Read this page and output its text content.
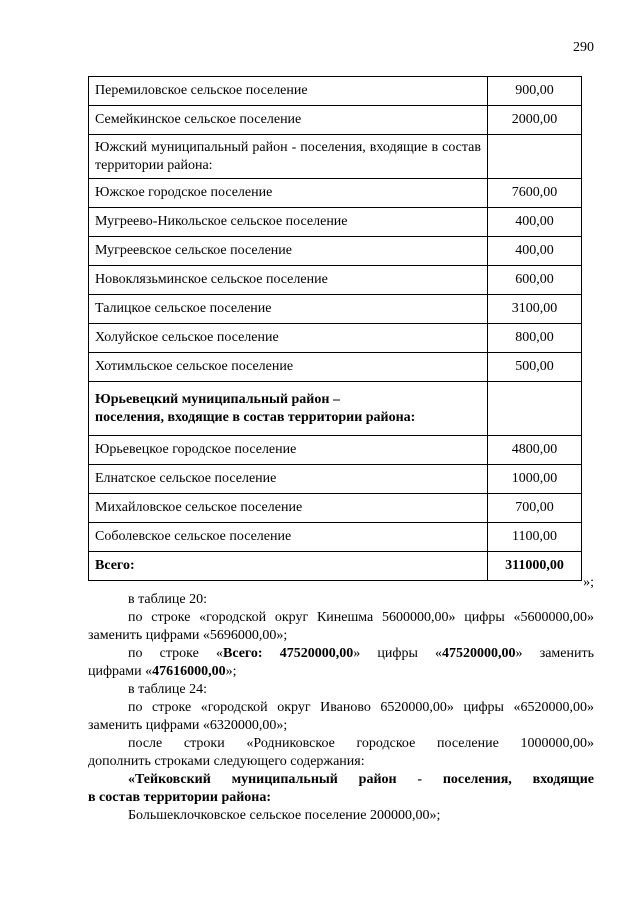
290
Перемиловское сельское поселение	900,00
Семейкинское сельское поселение	2000,00
Южский муниципальный район - поселения, входящие в состав территории района:	
Южское городское поселение	7600,00
Мугреево-Никольское сельское поселение	400,00
Мугреевское сельское поселение	400,00
Новоклязьминское сельское поселение	600,00
Талицкое сельское поселение	3100,00
Холуйское сельское поселение	800,00
Хотимльское сельское поселение	500,00
Юрьевецкий муниципальный район –
поселения, входящие в состав территории района:	
Юрьевецкое городское поселение	4800,00
Елнатское сельское поселение	1000,00
Михайловское сельское поселение	700,00
Соболевское сельское поселение	1100,00
Всего:	311000,00
»;
в таблице 20:
по строке «городской округ Кинешма 5600000,00» цифры «5600000,00»
заменить цифрами «5696000,00»;
по строке «Всего: 47520000,00» цифры «47520000,00» заменить
цифрами «47616000,00»;
в таблице 24:
по строке «городской округ Иваново 6520000,00» цифры «6520000,00»
заменить цифрами «6320000,00»;
после строки «Родниковское городское поселение 1000000,00»
дополнить строками следующего содержания:
«Тейковский муниципальный район - поселения, входящие
в состав территории района:
Большеклочковское сельское поселение 200000,00»;
